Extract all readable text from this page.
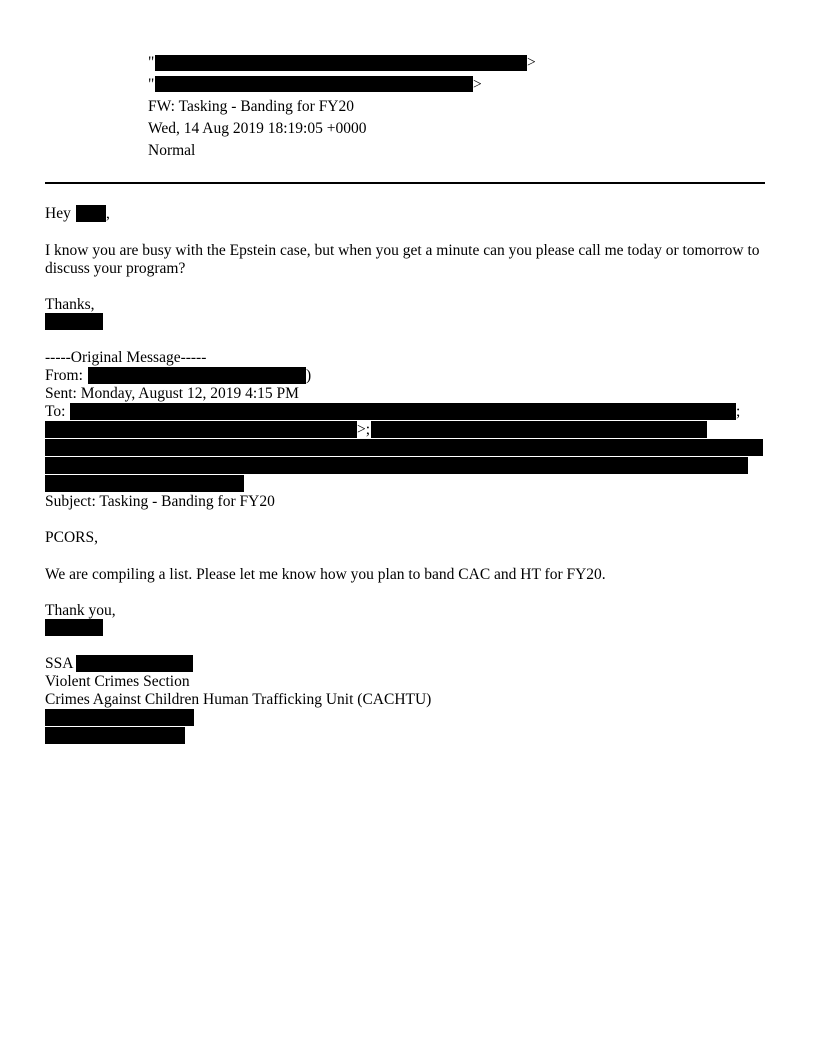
"	>
"	>
FW: Tasking - Banding for FY20
Wed, 14 Aug 2019 18:19:05 +0000
Normal
Hey ,
I know you are busy with the Epstein case, but when you get a minute can you please call me today or tomorrow to discuss your program?
Thanks,
-----Original Message-----
From:	)
Sent: Monday, August 12, 2019 4:15 PM
To:	;
>;
Subject: Tasking - Banding for FY20
PCORS,
We are compiling a list. Please let me know how you plan to band CAC and HT for FY20.
Thank you,
SSA
Violent Crimes Section
Crimes Against Children Human Trafficking Unit (CACHTU)
